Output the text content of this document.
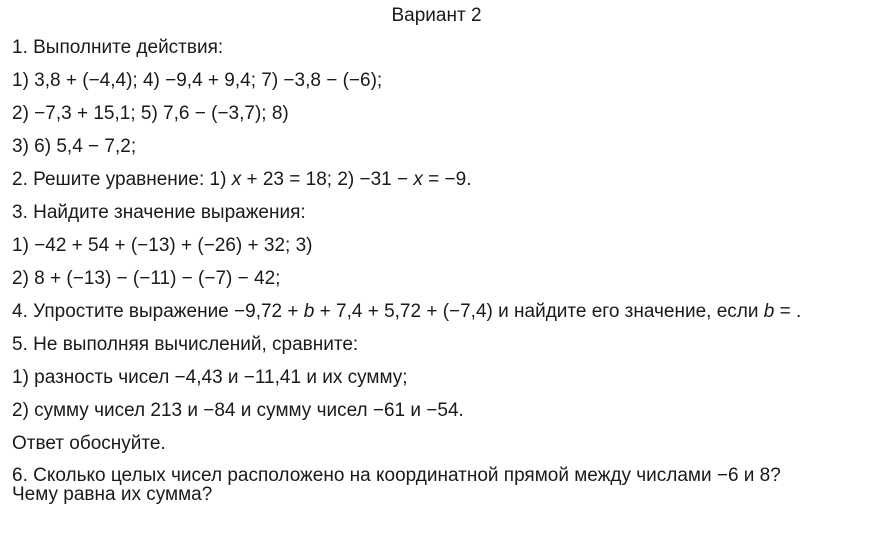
Вариант 2
1. Выполните действия:
1) 3,8 + (−4,4); 4) −9,4 + 9,4; 7) −3,8 − (−6);
2) −7,3 + 15,1; 5) 7,6 − (−3,7); 8)
3) 6) 5,4 − 7,2;
2. Решите уравнение: 1) x + 23 = 18; 2) −31 − x = −9.
3. Найдите значение выражения:
1) −42 + 54 + (−13) + (−26) + 32; 3)
2) 8 + (−13) − (−11) − (−7) − 42;
4. Упростите выражение −9,72 + b + 7,4 + 5,72 + (−7,4) и найдите его значение, если b = .
5. Не выполняя вычислений, сравните:
1) разность чисел −4,43 и −11,41 и их сумму;
2) сумму чисел 213 и −84 и сумму чисел −61 и −54.
Ответ обоснуйте.
6. Сколько целых чисел расположено на координатной прямой между числами −6 и 8?
Чему равна их сумма?
